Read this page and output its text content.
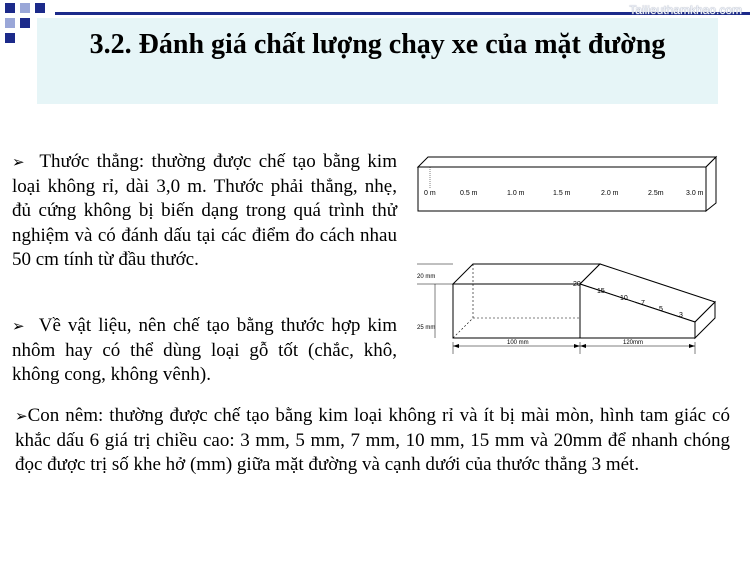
Tailieuthamkhao.com
3.2. Đánh giá chất lượng chạy xe của mặt đường
➢ Thước thẳng: thường được chế tạo bằng kim loại không rỉ, dài 3,0 m. Thước phải thẳng, nhẹ, đủ cứng không bị biến dạng trong quá trình thử nghiệm và có đánh dấu tại các điểm đo cách nhau 50 cm tính từ đầu thước.
➢ Về vật liệu, nên chế tạo bằng thước hợp kim nhôm hay có thể dùng loại gỗ tốt (chắc, khô, không cong, không vênh).
➢Con nêm: thường được chế tạo bằng kim loại không rỉ và ít bị mài mòn, hình tam giác có khắc dấu 6 giá trị chiều cao: 3 mm, 5 mm, 7 mm, 10 mm, 15 mm và 20mm để nhanh chóng đọc được trị số khe hở (mm) giữa mặt đường và cạnh dưới của thước thẳng 3 mét.
0 m	0.5 m	1.0 m	1.5 m	2.0 m	2.5m	3.0 m
20
15
10
7
5
3
20 mm
25 mm
100 mm	120mm
